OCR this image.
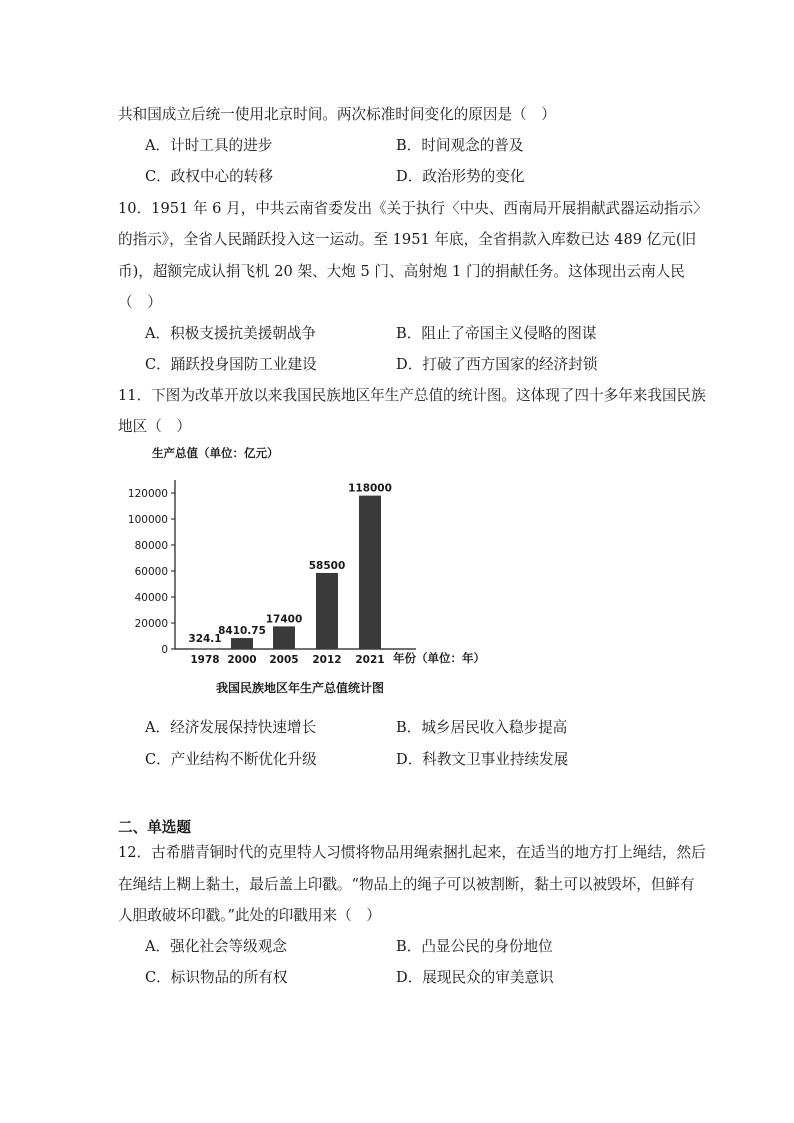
共和国成立后统一使用北京时间。两次标准时间变化的原因是（　）
A．计时工具的进步	B．时间观念的普及
C．政权中心的转移	D．政治形势的变化
10．1951 年 6 月，中共云南省委发出《关于执行〈中央、西南局开展捐献武器运动指示〉
的指示》，全省人民踊跃投入这一运动。至 1951 年底，全省捐款入库数已达 489 亿元(旧
币)，超额完成认捐飞机 20 架、大炮 5 门、高射炮 1 门的捐献任务。这体现出云南人民
（　）
A．积极支援抗美援朝战争	B．阻止了帝国主义侵略的图谋
C．踊跃投身国防工业建设	D．打破了西方国家的经济封锁
11．下图为改革开放以来我国民族地区年生产总值的统计图。这体现了四十多年来我国民族
地区（　）
生产总值（单位：亿元）
0
20000
40000
60000
80000
100000
120000
324.1
1978
8410.75
2000
17400
2005
58500
2012
118000
2021 年份（单位：年）
我国民族地区年生产总值统计图
A．经济发展保持快速增长	B．城乡居民收入稳步提高
C．产业结构不断优化升级	D．科教文卫事业持续发展
二、单选题
12．古希腊青铜时代的克里特人习惯将物品用绳索捆扎起来，在适当的地方打上绳结，然后
在绳结上糊上黏土，最后盖上印戳。“物品上的绳子可以被割断，黏土可以被毁坏，但鲜有
人胆敢破坏印戳。”此处的印戳用来（　）
A．强化社会等级观念	B．凸显公民的身份地位
C．标识物品的所有权	D．展现民众的审美意识
